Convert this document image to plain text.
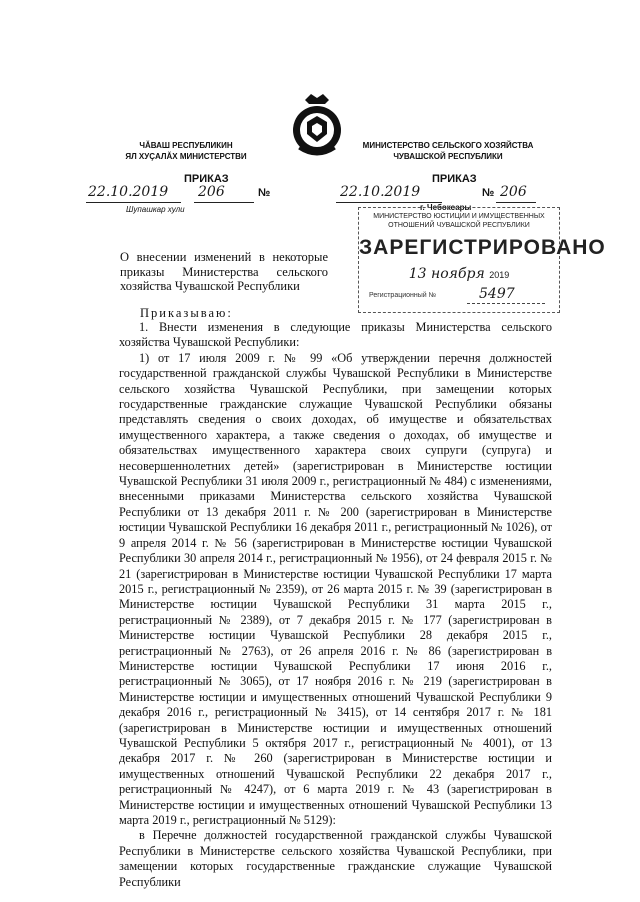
ЧĂВАШ РЕСПУБЛИКИН
ЯЛ ХУÇАЛĂХ МИНИСТЕРСТВИ
МИНИСТЕРСТВО СЕЛЬСКОГО ХОЗЯЙСТВА
ЧУВАШСКОЙ РЕСПУБЛИКИ
ПРИКАЗ	ПРИКАЗ
22.10.2019 206	№
Шупашкар хули
22.10.2019	№ 206
г. Чебоксары
МИНИСТЕРСТВО ЮСТИЦИИ И ИМУЩЕСТВЕННЫХ
ОТНОШЕНИЙ ЧУВАШСКОЙ РЕСПУБЛИКИ
ЗАРЕГИСТРИРОВАНО
13 ноября 2019
Регистрационный №	5497
О внесении изменений в некоторые приказы Министерства сельского хозяйства Чувашской Республики
Приказываю:

1. Внести изменения в следующие приказы Министерства сельского хозяйства Чувашской Республики:

1) от 17 июля 2009 г. № 99 «Об утверждении перечня должностей государственной гражданской службы Чувашской Республики в Министерстве сельского хозяйства Чувашской Республики, при замещении которых государственные гражданские служащие Чувашской Республики обязаны представлять сведения о своих доходах, об имуществе и обязательствах имущественного характера, а также сведения о доходах, об имуществе и обязательствах имущественного характера своих супруги (супруга) и несовершеннолетних детей» (зарегистрирован в Министерстве юстиции Чувашской Республики 31 июля 2009 г., регистрационный № 484) с изменениями, внесенными приказами Министерства сельского хозяйства Чувашской Республики от 13 декабря 2011 г. № 200 (зарегистрирован в Министерстве юстиции Чувашской Республики 16 декабря 2011 г., регистрационный № 1026), от 9 апреля 2014 г. № 56 (зарегистрирован в Министерстве юстиции Чувашской Республики 30 апреля 2014 г., регистрационный № 1956), от 24 февраля 2015 г. № 21 (зарегистрирован в Министерстве юстиции Чувашской Республики 17 марта 2015 г., регистрационный № 2359), от 26 марта 2015 г. № 39 (зарегистрирован в Министерстве юстиции Чувашской Республики 31 марта 2015 г., регистрационный № 2389), от 7 декабря 2015 г. № 177 (зарегистрирован в Министерстве юстиции Чувашской Республики 28 декабря 2015 г., регистрационный № 2763), от 26 апреля 2016 г. № 86 (зарегистрирован в Министерстве юстиции Чувашской Республики 17 июня 2016 г., регистрационный № 3065), от 17 ноября 2016 г. № 219 (зарегистрирован в Министерстве юстиции и имущественных отношений Чувашской Республики 9 декабря 2016 г., регистрационный № 3415), от 14 сентября 2017 г. № 181 (зарегистрирован в Министерстве юстиции и имущественных отношений Чувашской Республики 5 октября 2017 г., регистрационный № 4001), от 13 декабря 2017 г. № 260 (зарегистрирован в Министерстве юстиции и имущественных отношений Чувашской Республики 22 декабря 2017 г., регистрационный № 4247), от 6 марта 2019 г. № 43 (зарегистрирован в Министерстве юстиции и имущественных отношений Чувашской Республики 13 марта 2019 г., регистрационный № 5129):

в Перечне должностей государственной гражданской службы Чувашской Республики в Министерстве сельского хозяйства Чувашской Республики, при замещении которых государственные гражданские служащие Чувашской Республики
